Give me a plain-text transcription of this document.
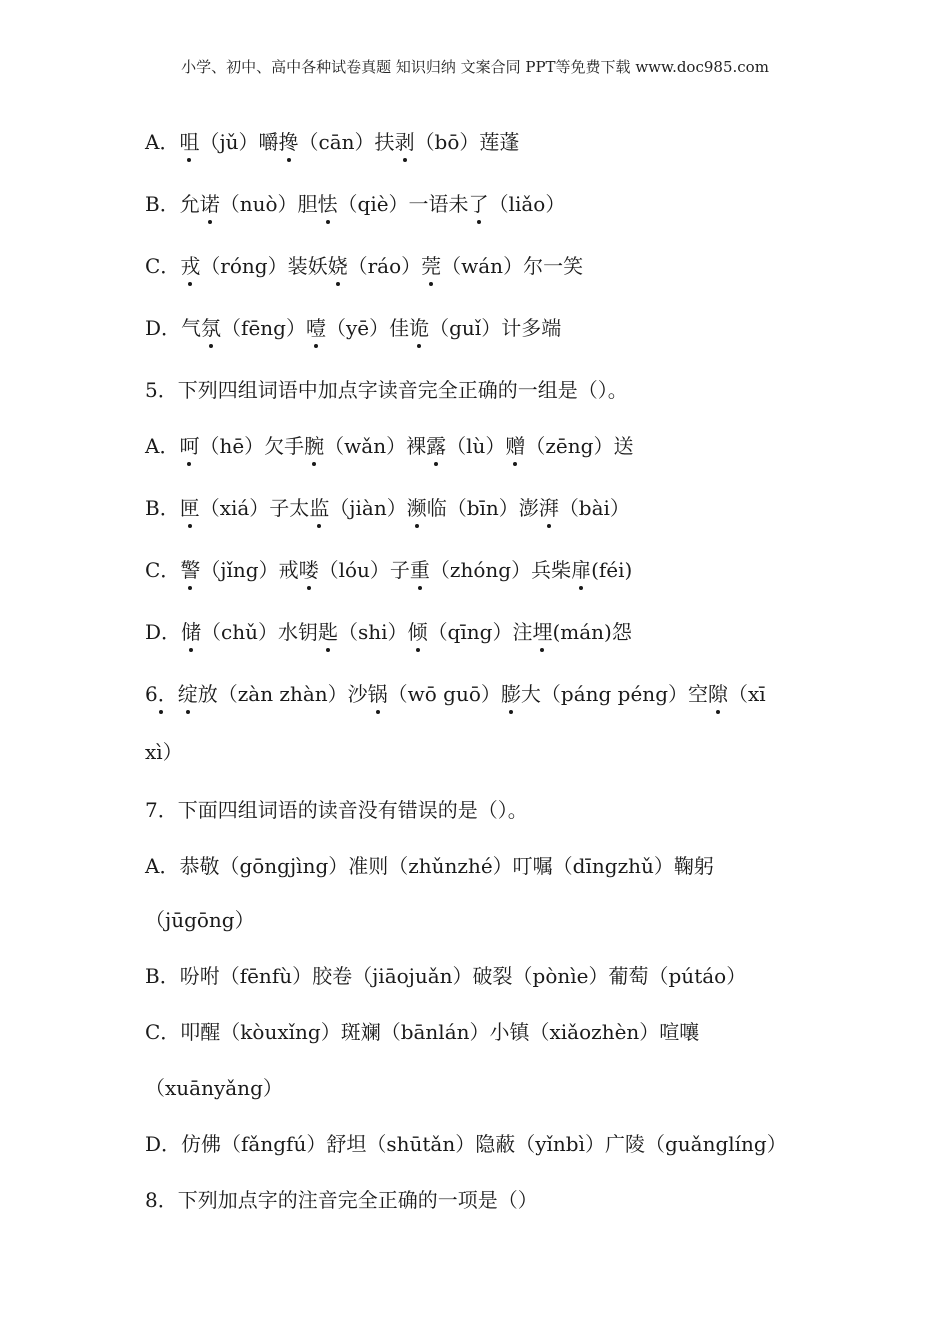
小学、初中、高中各种试卷真题 知识归纳 文案合同 PPT等免费下载 www.doc985.com
A．咀（jǔ）嚼搀（cān）扶剥（bō）莲蓬
B．允诺（nuò）胆怯（qiè）一语未了（liǎo）
C．戎（róng）装妖娆（ráo）莞（wán）尔一笑
D．气氛（fēng）噎（yē）佳诡（guǐ）计多端
5．下列四组词语中加点字读音完全正确的一组是（）。
A．呵（hē）欠手腕（wǎn）裸露（lù）赠（zēng）送
B．匣（xiá）子太监（jiàn）濒临（bīn）澎湃（bài）
C．警（jǐng）戒喽（lóu）子重（zhóng）兵柴扉(féi)
D．储（chǔ）水钥匙（shi）倾（qīng）注埋(mán)怨
6．绽放（zàn zhàn）沙锅（wō guō）膨大（páng péng）空隙（xī
xì）
7．下面四组词语的读音没有错误的是（）。
A．恭敬（gōngjìng）准则（zhǔnzhé）叮嘱（dīngzhǔ）鞠躬
（jūgōng）
B．吩咐（fēnfù）胶卷（jiāojuǎn）破裂（pònìe）葡萄（pútáo）
C．叩醒（kòuxǐng）斑斓（bānlán）小镇（xiǎozhèn）喧嚷
（xuānyǎng）
D．仿佛（fǎngfú）舒坦（shūtǎn）隐蔽（yǐnbì）广陵（guǎnglíng）
8．下列加点字的注音完全正确的一项是（）
